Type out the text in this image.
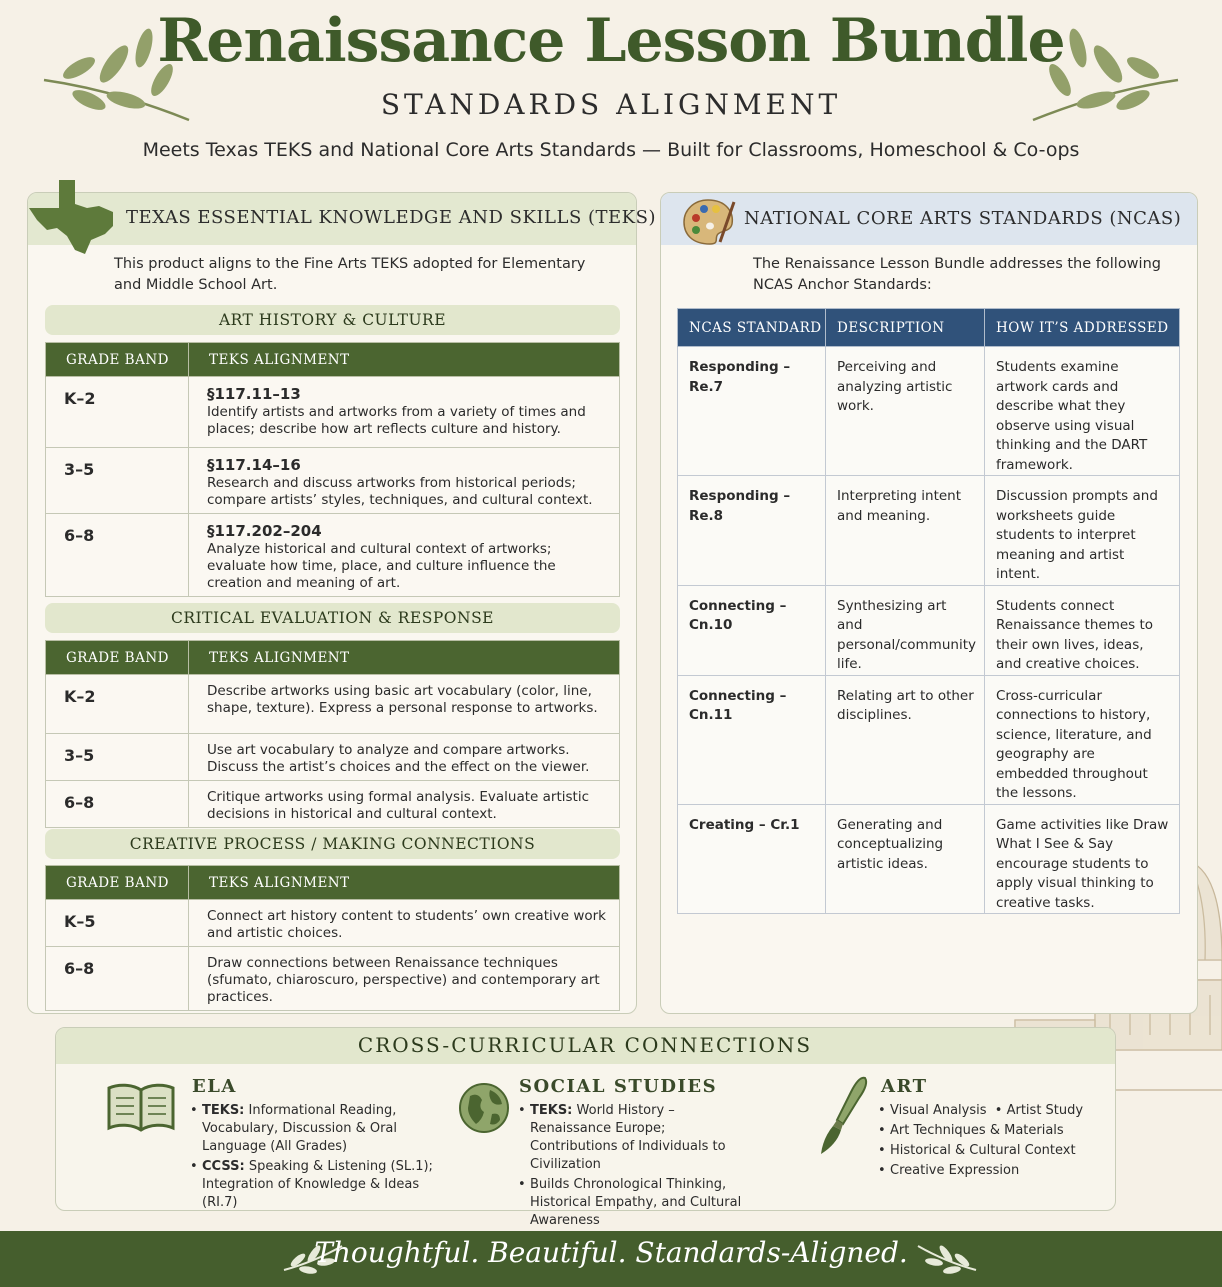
Renaissance Lesson Bundle
STANDARDS ALIGNMENT
Meets Texas TEKS and National Core Arts Standards — Built for Classrooms, Homeschool & Co-ops
TEXAS ESSENTIAL KNOWLEDGE AND SKILLS (TEKS)
This product aligns to the Fine Arts TEKS adopted for Elementary
and Middle School Art.
ART HISTORY & CULTURE
GRADE BAND	TEKS ALIGNMENT
K–2	§117.11–13
Identify artists and artworks from a variety of times and places; describe how art reflects culture and history.
3–5	§117.14–16
Research and discuss artworks from historical periods; compare artists’ styles, techniques, and cultural context.
6–8	§117.202–204
Analyze historical and cultural context of artworks; evaluate how time, place, and culture influence the creation and meaning of art.
CRITICAL EVALUATION & RESPONSE
GRADE BAND	TEKS ALIGNMENT
K–2	Describe artworks using basic art vocabulary (color, line, shape, texture). Express a personal response to artworks.
3–5	Use art vocabulary to analyze and compare artworks. Discuss the artist’s choices and the effect on the viewer.
6–8	Critique artworks using formal analysis. Evaluate artistic decisions in historical and cultural context.
CREATIVE PROCESS / MAKING CONNECTIONS
GRADE BAND	TEKS ALIGNMENT
K–5	Connect art history content to students’ own creative work and artistic choices.
6–8	Draw connections between Renaissance techniques (sfumato, chiaroscuro, perspective) and contemporary art practices.
NATIONAL CORE ARTS STANDARDS (NCAS)
The Renaissance Lesson Bundle addresses the following
NCAS Anchor Standards:
NCAS STANDARD	DESCRIPTION	HOW IT’S ADDRESSED
Responding – Re.7	Perceiving and analyzing artistic work.	Students examine artwork cards and describe what they observe using visual thinking and the DART framework.
Responding – Re.8	Interpreting intent and meaning.	Discussion prompts and worksheets guide students to interpret meaning and artist intent.
Connecting – Cn.10	Synthesizing art and personal/community life.	Students connect Renaissance themes to their own lives, ideas, and creative choices.
Connecting – Cn.11	Relating art to other disciplines.	Cross-curricular connections to history, science, literature, and geography are embedded throughout the lessons.
Creating – Cr.1	Generating and conceptualizing artistic ideas.	Game activities like Draw What I See & Say encourage students to apply visual thinking to creative tasks.
CROSS-CURRICULAR CONNECTIONS
ELA
• TEKS: Informational Reading, Vocabulary, Discussion & Oral Language (All Grades)
• CCSS: Speaking & Listening (SL.1); Integration of Knowledge & Ideas (RI.7)
SOCIAL STUDIES
• TEKS: World History – Renaissance Europe; Contributions of Individuals to Civilization
• Builds Chronological Thinking, Historical Empathy, and Cultural Awareness
ART
• Visual Analysis • Artist Study
• Art Techniques & Materials
• Historical & Cultural Context
• Creative Expression
Thoughtful. Beautiful. Standards-Aligned.
